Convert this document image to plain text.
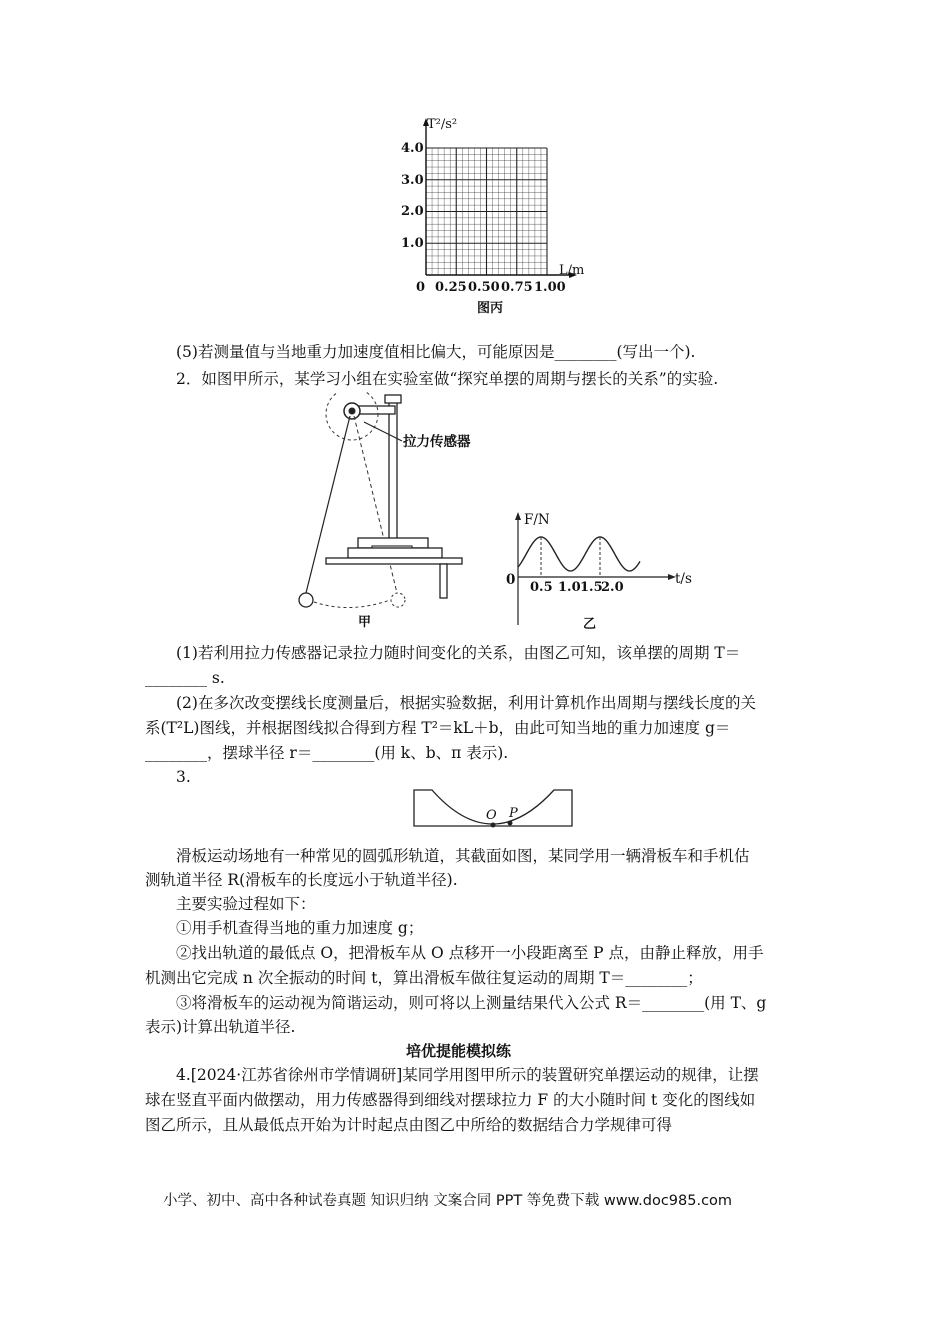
T²/s²
4.0
3.0
2.0
1.0
L/m
0 0.25 0.50 0.75 1.00
图丙
(5)若测量值与当地重力加速度值相比偏大，可能原因是________(写出一个).
2．如图甲所示，某学习小组在实验室做“探究单摆的周期与摆长的关系”的实验.
拉力传感器
甲
F/N
0 0.5 1.0 1.5
2.0
t/s
乙
(1)若利用拉力传感器记录拉力随时间变化的关系，由图乙可知，该单摆的周期 T＝
________ s.
(2)在多次改变摆线长度测量后，根据实验数据，利用计算机作出周期与摆线长度的关
系(T²L)图线，并根据图线拟合得到方程 T²＝kL＋b，由此可知当地的重力加速度 g＝
________，摆球半径 r＝________(用 k、b、π 表示).
3.
O P
滑板运动场地有一种常见的圆弧形轨道，其截面如图，某同学用一辆滑板车和手机估
测轨道半径 R(滑板车的长度远小于轨道半径).
主要实验过程如下：
①用手机查得当地的重力加速度 g；
②找出轨道的最低点 O，把滑板车从 O 点移开一小段距离至 P 点，由静止释放，用手
机测出它完成 n 次全振动的时间 t，算出滑板车做往复运动的周期 T＝________；
③将滑板车的运动视为简谐运动，则可将以上测量结果代入公式 R＝________(用 T、g
表示)计算出轨道半径.
培优提能模拟练
4.[2024·江苏省徐州市学情调研]某同学用图甲所示的装置研究单摆运动的规律，让摆
球在竖直平面内做摆动，用力传感器得到细线对摆球拉力 F 的大小随时间 t 变化的图线如
图乙所示，且从最低点开始为计时起点由图乙中所给的数据结合力学规律可得
小学、初中、高中各种试卷真题 知识归纳 文案合同 PPT 等免费下载 www.doc985.com
